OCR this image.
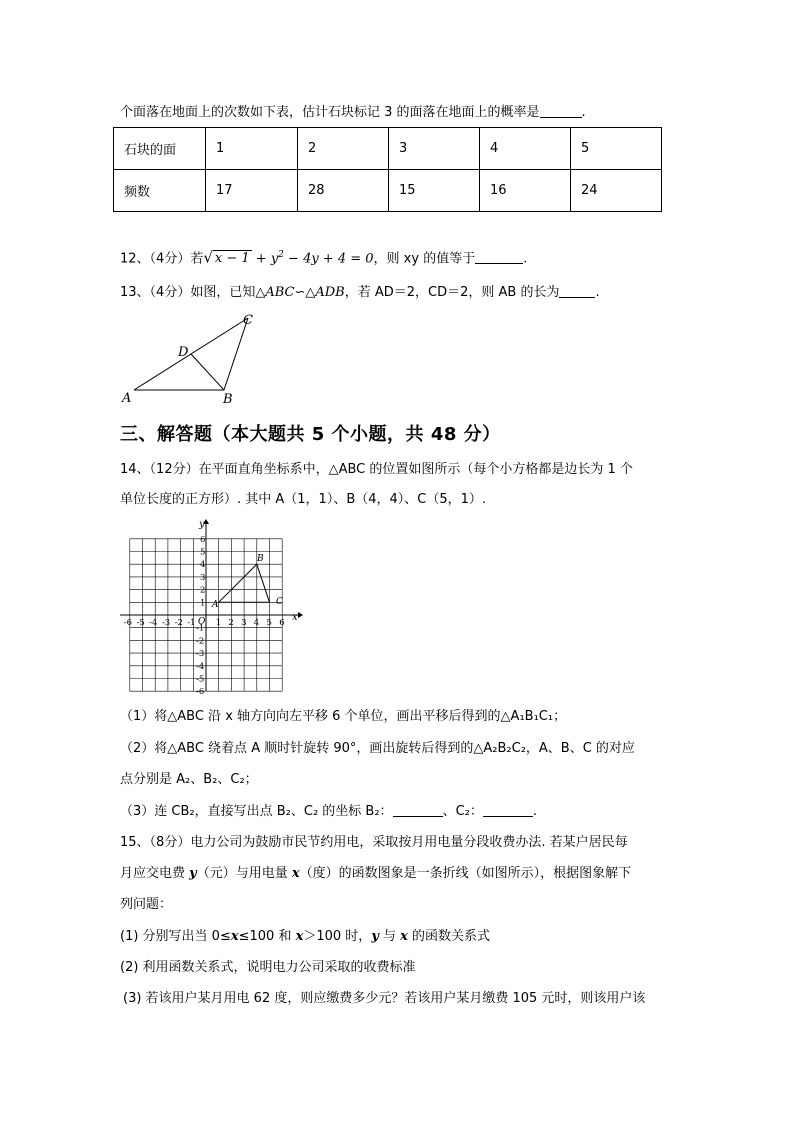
个面落在地面上的次数如下表，估计石块标记 3 的面落在地面上的概率是	.
石块的面	1	2	3	4	5
频数	17	28	15	16	24
12、（4分）若√ $x - 1 + y^2 - 4y + 4 = 0$，则 xy 的值等于	.
13、（4分）如图，已知△ABC∽△ADB，若 AD＝2，CD＝2，则 AB 的长为	.
A	B
C
D
三、解答题（本大题共 5 个小题，共 48 分）
14、（12分）在平面直角坐标系中，△ABC 的位置如图所示（每个小方格都是边长为 1 个
单位长度的正方形）. 其中 A（1，1）、B（4，4）、C（5，1）.
x
y
O
-6 -5 -4 -3 -2 -1 1 2 3 4 5 6
6
5
4
3
2
1
-1
-2
-3
-4
-5
-6
A
B
C
（1）将△ABC 沿 x 轴方向向左平移 6 个单位，画出平移后得到的△A₁B₁C₁；
（2）将△ABC 绕着点 A 顺时针旋转 90°，画出旋转后得到的△A₂B₂C₂，A、B、C 的对应
点分别是 A₂、B₂、C₂；
（3）连 CB₂，直接写出点 B₂、C₂ 的坐标 B₂：	、C₂：	.
15、（8分）电力公司为鼓励市民节约用电，采取按月用电量分段收费办法. 若某户居民每
月应交电费 y（元）与用电量 x（度）的函数图象是一条折线（如图所示），根据图象解下
列问题：
(1) 分别写出当 0≤x≤100 和 x＞100 时，y 与 x 的函数关系式
(2) 利用函数关系式，说明电力公司采取的收费标准
(3) 若该用户某月用电 62 度，则应缴费多少元？若该用户某月缴费 105 元时，则该用户该
